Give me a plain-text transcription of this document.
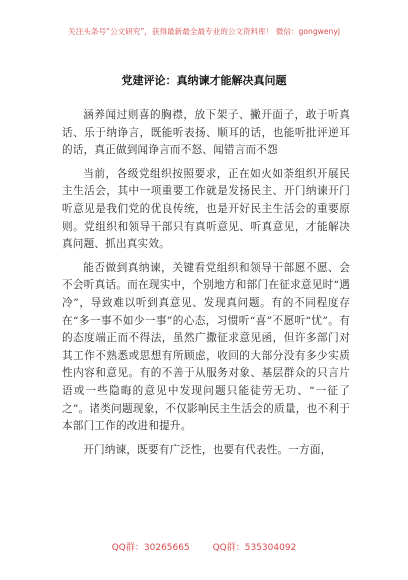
关注头条号“公文研究”，获得最新最全最专业的公文资料库！ 微信：gongwenyj
党建评论：真纳谏才能解决真问题

涵养闻过则喜的胸襟，放下架子、撇开面子，敢于听真话、乐于纳诤言，既能听表扬、顺耳的话，也能听批评逆耳的话，真正做到闻诤言而不怒、闻错言而不怨

当前，各级党组织按照要求，正在如火如荼组织开展民主生活会，其中一项重要工作就是发扬民主、开门纳谏开门听意见是我们党的优良传统，也是开好民主生活会的重要原则。党组织和领导干部只有真听意见、听真意见，才能解决真问题、抓出真实效。

能否做到真纳谏，关键看党组织和领导干部愿不愿、会不会听真话。而在现实中，个别地方和部门在征求意见时“遇冷”，导致难以听到真意见、发现真问题。有的不同程度存在“多一事不如少一事”的心态，习惯听“喜”不愿听“忧”。有的态度端正而不得法，虽然广撒征求意见函，但许多部门对其工作不熟悉或思想有所顾虑，收回的大部分没有多少实质性内容和意见。有的不善于从服务对象、基层群众的只言片语或一些隐晦的意见中发现问题只能徒劳无功、“一征了之”。诸类问题现象，不仅影响民主生活会的质量，也不利于本部门工作的改进和提升。

开门纳谏，既要有广泛性，也要有代表性。一方面，

QQ群：30265665	QQ群：535304092
